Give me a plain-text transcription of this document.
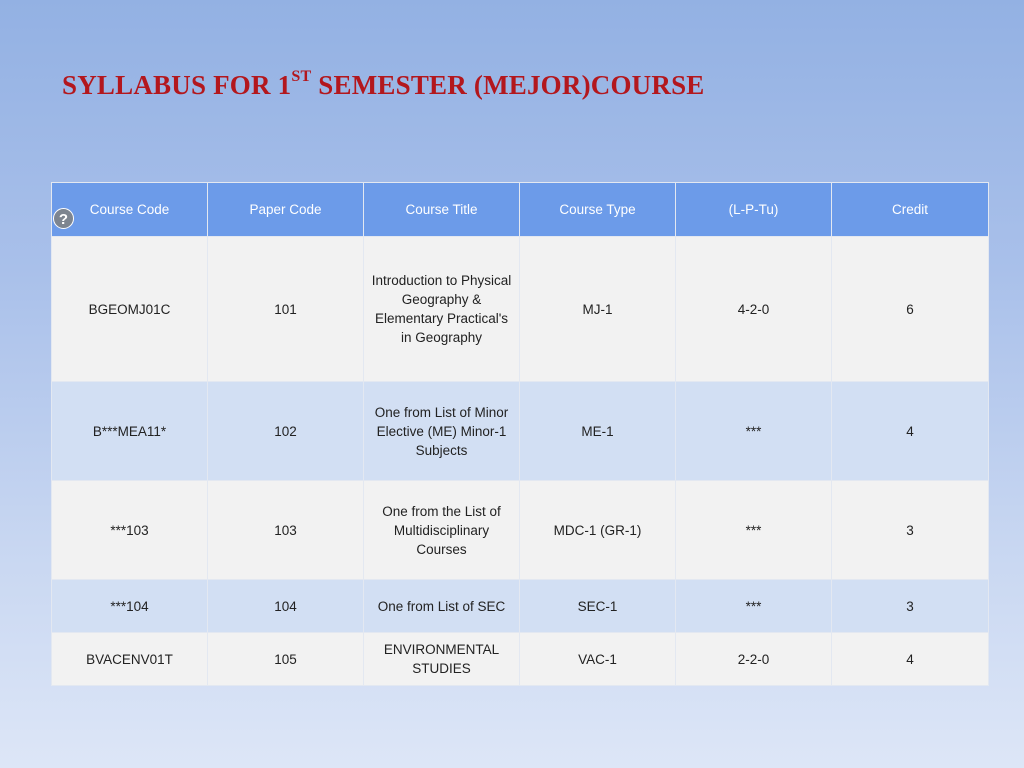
SYLLABUS FOR 1ST SEMESTER (MEJOR)COURSE
Course Code	Paper Code	Course Title	Course Type	(L-P-Tu)	Credit
BGEOMJ01C	101	Introduction to Physical Geography & Elementary Practical's in Geography	MJ-1	4-2-0	6
B***MEA11*	102	One from List of Minor Elective (ME) Minor-1 Subjects	ME-1	***	4
***103	103	One from the List of Multidisciplinary Courses	MDC-1 (GR-1)	***	3
***104	104	One from List of SEC	SEC-1	***	3
BVACENV01T	105	ENVIRONMENTAL STUDIES	VAC-1	2-2-0	4
?
